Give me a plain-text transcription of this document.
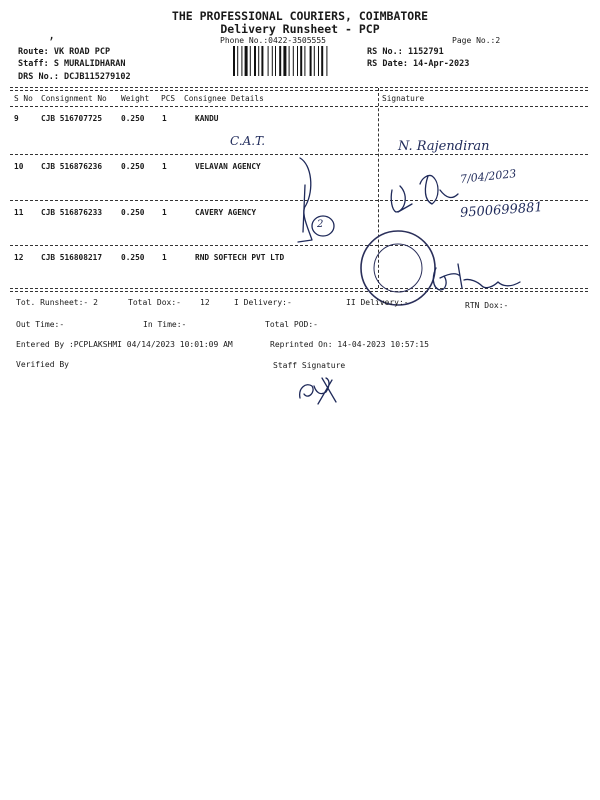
,
THE PROFESSIONAL COURIERS, COIMBATORE
Delivery Runsheet - PCP
Phone No.:0422-3505555	Page No.:2
Route: VK ROAD PCP
Staff: S MURALIDHARAN
DRS No.: DCJB115279102
RS No.: 1152791
RS Date: 14-Apr-2023
S No Consignment No Weight PCS Consignee Details	Signature
9	CJB 516707725 0.250 1	KANDU
10 CJB 516876236 0.250 1	VELAVAN AGENCY
11 CJB 516876233 0.250 1	CAVERY AGENCY
12 CJB 516808217 0.250 1	RND SOFTECH PVT LTD
C.A.T.
2
N. Rajendiran
7/04/2023
9500699881
Tot. Runsheet:- 2	Total Dox:- 12	I Delivery:-	II Delivery:-	RTN Dox:-
Out Time:-	In Time:-	Total POD:-
Entered By :PCPLAKSHMI 04/14/2023 10:01:09 AM	Reprinted On: 14-04-2023 10:57:15
Verified By	Staff Signature
